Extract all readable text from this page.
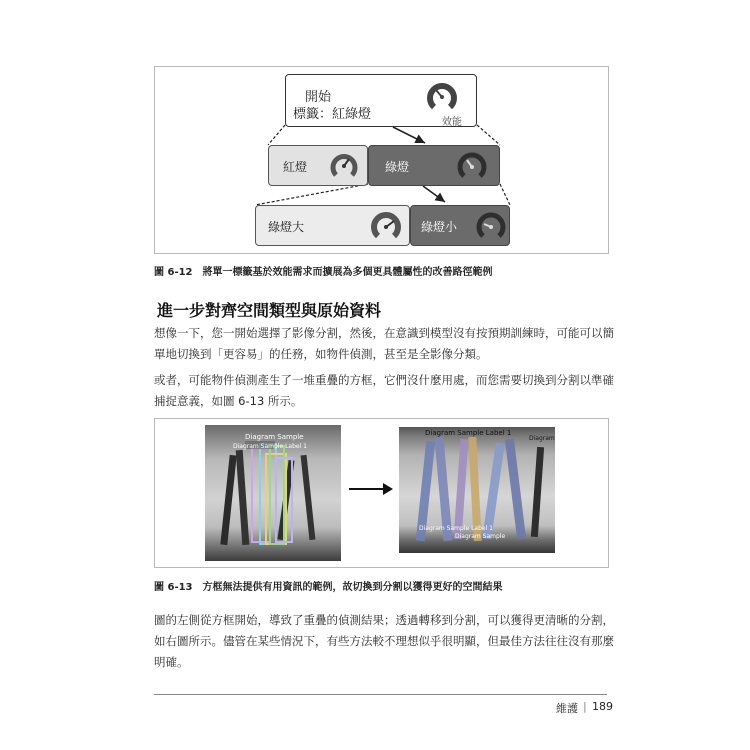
開始
標籤：紅綠燈
效能
紅燈	綠燈
綠燈大	綠燈小
圖 6-12 將單一標籤基於效能需求而擴展為多個更具體屬性的改善路徑範例
進一步對齊空間類型與原始資料
想像一下，您一開始選擇了影像分割，然後，在意識到模型沒有按預期訓練時，可能可以簡單地切換到「更容易」的任務，如物件偵測，甚至是全影像分類。
或者，可能物件偵測產生了一堆重疊的方框，它們沒什麼用處，而您需要切換到分割以準確捕捉意義，如圖 6-13 所示。
Diagram Sample
Diagram Sample Label 1
Diagram Sample Label 1
Diagram
Diagram Sample Label 1
Diagram Sample
圖 6-13 方框無法提供有用資訊的範例，故切換到分割以獲得更好的空間結果
圖的左側從方框開始，導致了重疊的偵測結果；透過轉移到分割，可以獲得更清晰的分割，如右圖所示。儘管在某些情況下，有些方法較不理想似乎很明顯，但最佳方法往往沒有那麼明確。
維護 | 189
